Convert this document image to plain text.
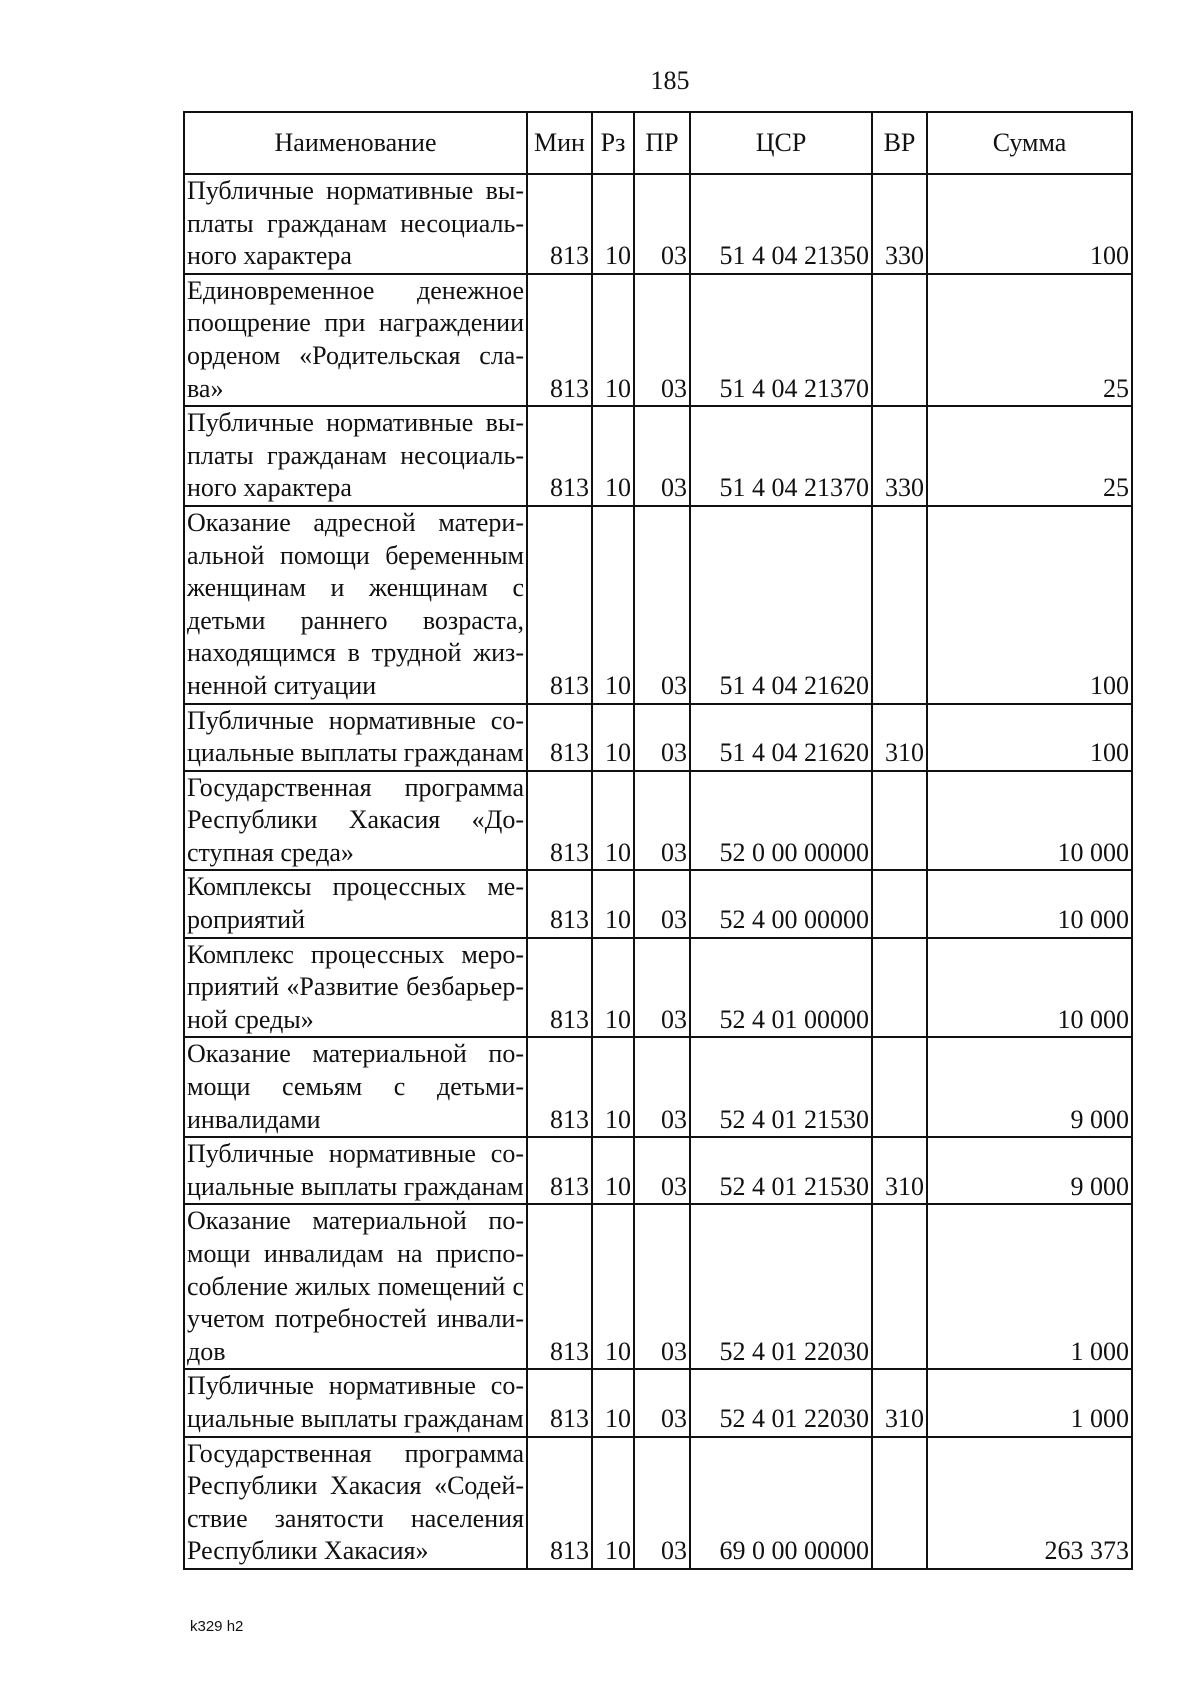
185
Наименование	Мин	Рз	ПР	ЦСР	ВР	Сумма
Публичные нормативные вы-платы гражданам несоциаль-ного характера	813	10	03	51 4 04 21350	330	100
Единовременное денежное поощрение при награждении орденом «Родительская сла-ва»	813	10	03	51 4 04 21370		25
Публичные нормативные вы-платы гражданам несоциаль-ного характера	813	10	03	51 4 04 21370	330	25
Оказание адресной матери-альной помощи беременным женщинам и женщинам с детьми раннего возраста, находящимся в трудной жиз-ненной ситуации	813	10	03	51 4 04 21620		100
Публичные нормативные со-циальные выплаты гражданам	813	10	03	51 4 04 21620	310	100
Государственная программа Республики Хакасия «До-ступная среда»	813	10	03	52 0 00 00000		10 000
Комплексы процессных ме-роприятий	813	10	03	52 4 00 00000		10 000
Комплекс процессных меро-приятий «Развитие безбарьер-ной среды»	813	10	03	52 4 01 00000		10 000
Оказание материальной по-мощи семьям с детьми-инвалидами	813	10	03	52 4 01 21530		9 000
Публичные нормативные со-циальные выплаты гражданам	813	10	03	52 4 01 21530	310	9 000
Оказание материальной по-мощи инвалидам на приспо-собление жилых помещений с учетом потребностей инвали-дов	813	10	03	52 4 01 22030		1 000
Публичные нормативные со-циальные выплаты гражданам	813	10	03	52 4 01 22030	310	1 000
Государственная программа Республики Хакасия «Содей-ствие занятости населения Республики Хакасия»	813	10	03	69 0 00 00000		263 373
k329 h2
